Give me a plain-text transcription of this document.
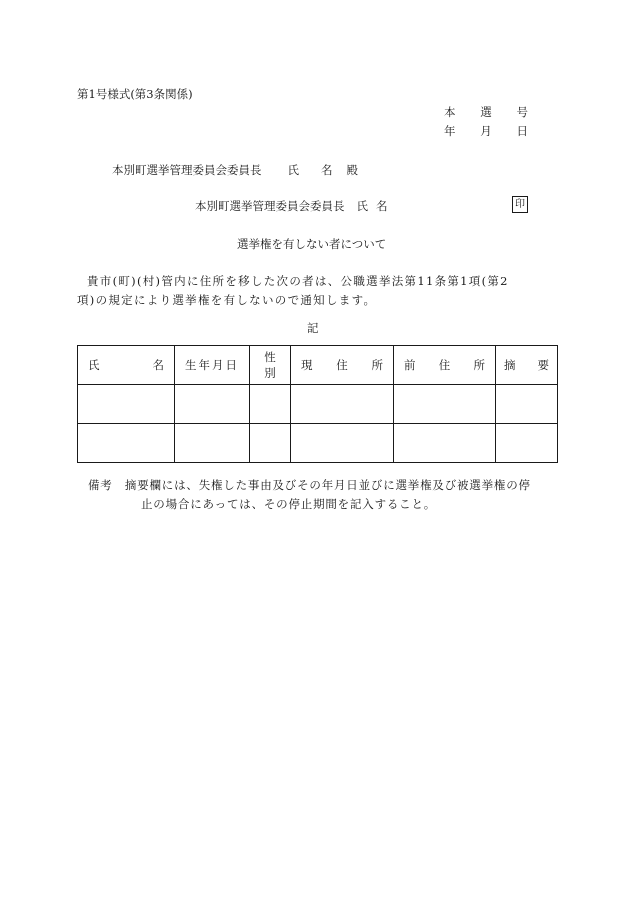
第1号様式(第3条関係)
本 選 号
年 月 日
本別町選挙管理委員会委員長 氏 名 殿
本別町選挙管理委員会委員長 氏 名	印
選挙権を有しない者について
貴市(町)(村)管内に住所を移した次の者は、公職選挙法第11条第1項(第2
項)の規定により選挙権を有しないので通知します。
記
氏 名	生年月日	性別	現 住 所	前 住 所	摘 要

備考　摘要欄には、失権した事由及びその年月日並びに選挙権及び被選挙権の停
止の場合にあっては、その停止期間を記入すること。
